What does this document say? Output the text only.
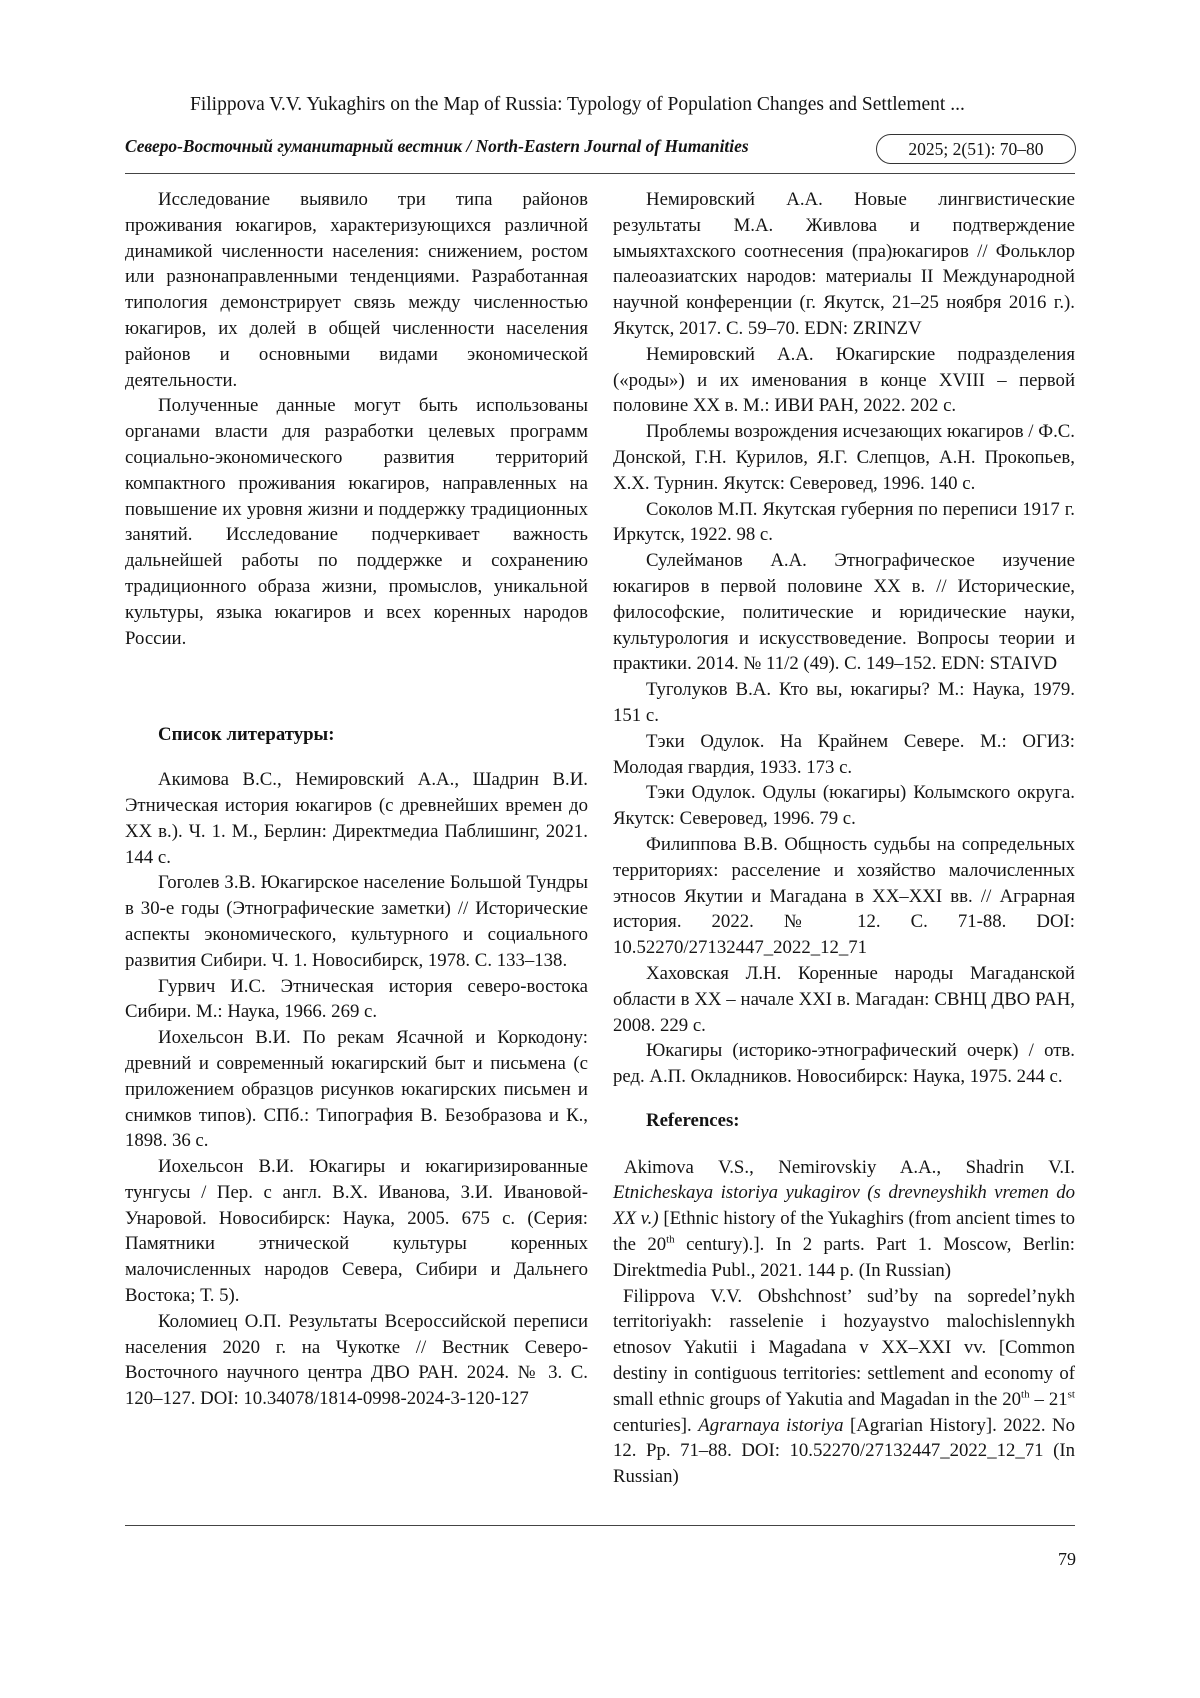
Filippova V.V. Yukaghirs on the Map of Russia: Typology of Population Changes and Settlement ...
Северо-Восточный гуманитарный вестник / North-Eastern Journal of Humanities	2025; 2(51): 70–80

Исследование выявило три типа районов проживания юкагиров, характеризующихся различной динамикой численности населения: снижением, ростом или разнонаправленными тенденциями. Разработанная типология демонстрирует связь между численностью юкагиров, их долей в общей численности населения районов и основными видами экономической деятельности.

Полученные данные могут быть использованы органами власти для разработки целевых программ социально-экономического развития территорий компактного проживания юкагиров, направленных на повышение их уровня жизни и поддержку традиционных занятий. Исследование подчеркивает важность дальнейшей работы по поддержке и сохранению традиционного образа жизни, промыслов, уникальной культуры, языка юкагиров и всех коренных народов России.

Список литературы:

Акимова В.С., Немировский А.А., Шадрин В.И. Этническая история юкагиров (с древнейших времен до XX в.). Ч. 1. М., Берлин: Директмедиа Паблишинг, 2021. 144 с.

Гоголев З.В. Юкагирское население Большой Тундры в 30-е годы (Этнографические заметки) // Исторические аспекты экономического, культурного и социального развития Сибири. Ч. 1. Новосибирск, 1978. С. 133–138.

Гурвич И.С. Этническая история северо-востока Сибири. М.: Наука, 1966. 269 с.

Иохельсон В.И. По рекам Ясачной и Коркодону: древний и современный юкагирский быт и письмена (с приложением образцов рисунков юкагирских письмен и снимков типов). СПб.: Типография В. Безобразова и К., 1898. 36 с.

Иохельсон В.И. Юкагиры и юкагиризированные тунгусы / Пер. с англ. В.Х. Иванова, З.И. Ивановой-Унаровой. Новосибирск: Наука, 2005. 675 с. (Серия: Памятники этнической культуры коренных малочисленных народов Севера, Сибири и Дальнего Востока; Т. 5).

Коломиец О.П. Результаты Всероссийской переписи населения 2020 г. на Чукотке // Вестник Северо-Восточного научного центра ДВО РАН. 2024. № 3. С. 120–127. DOI: 10.34078/1814-0998-2024-3-120-127

Немировский А.А. Новые лингвистические результаты М.А. Живлова и подтверждение ымыяхтахского соотнесения (пра)юкагиров // Фольклор палеоазиатских народов: материалы II Международной научной конференции (г. Якутск, 21–25 ноября 2016 г.). Якутск, 2017. С. 59–70. EDN: ZRINZV

Немировский А.А. Юкагирские подразделения («роды») и их именования в конце XVIII – первой половине XX в. М.: ИВИ РАН, 2022. 202 с.

Проблемы возрождения исчезающих юкагиров / Ф.С. Донской, Г.Н. Курилов, Я.Г. Слепцов, А.Н. Прокопьев, Х.Х. Турнин. Якутск: Северовед, 1996. 140 с.

Соколов М.П. Якутская губерния по переписи 1917 г. Иркутск, 1922. 98 с.

Сулейманов А.А. Этнографическое изучение юкагиров в первой половине XX в. // Исторические, философские, политические и юридические науки, культурология и искусствоведение. Вопросы теории и практики. 2014. № 11/2 (49). С. 149–152. EDN: STAIVD

Туголуков В.А. Кто вы, юкагиры? М.: Наука, 1979. 151 с.

Тэки Одулок. На Крайнем Севере. М.: ОГИЗ: Молодая гвардия, 1933. 173 с.

Тэки Одулок. Одулы (юкагиры) Колымского округа. Якутск: Северовед, 1996. 79 с.

Филиппова В.В. Общность судьбы на сопредельных территориях: расселение и хозяйство малочисленных этносов Якутии и Магадана в XX–XXI вв. // Аграрная история. 2022. № 12. С. 71-88. DOI: 10.52270/27132447_2022_12_71

Хаховская Л.Н. Коренные народы Магаданской области в XX – начале XXI в. Магадан: СВНЦ ДВО РАН, 2008. 229 с.

Юкагиры (историко-этнографический очерк) / отв. ред. А.П. Окладников. Новосибирск: Наука, 1975. 244 с.

References:

Akimova V.S., Nemirovskiy A.A., Shadrin V.I. Etnicheskaya istoriya yukagirov (s drevneyshikh vremen do XX v.) [Ethnic history of the Yukaghirs (from ancient times to the 20th century).]. In 2 parts. Part 1. Moscow, Berlin: Direktmedia Publ., 2021. 144 p. (In Russian)

Filippova V.V. Obshchnost’ sud’by na sopredel’nykh territoriyakh: rasselenie i hozyaystvo malochislennykh etnosov Yakutii i Magadana v XX–XXI vv. [Common destiny in contiguous territories: settlement and economy of small ethnic groups of Yakutia and Magadan in the 20th – 21st centuries]. Agrarnaya istoriya [Agrarian History]. 2022. No 12. Pp. 71–88. DOI: 10.52270/27132447_2022_12_71 (In Russian)

79
